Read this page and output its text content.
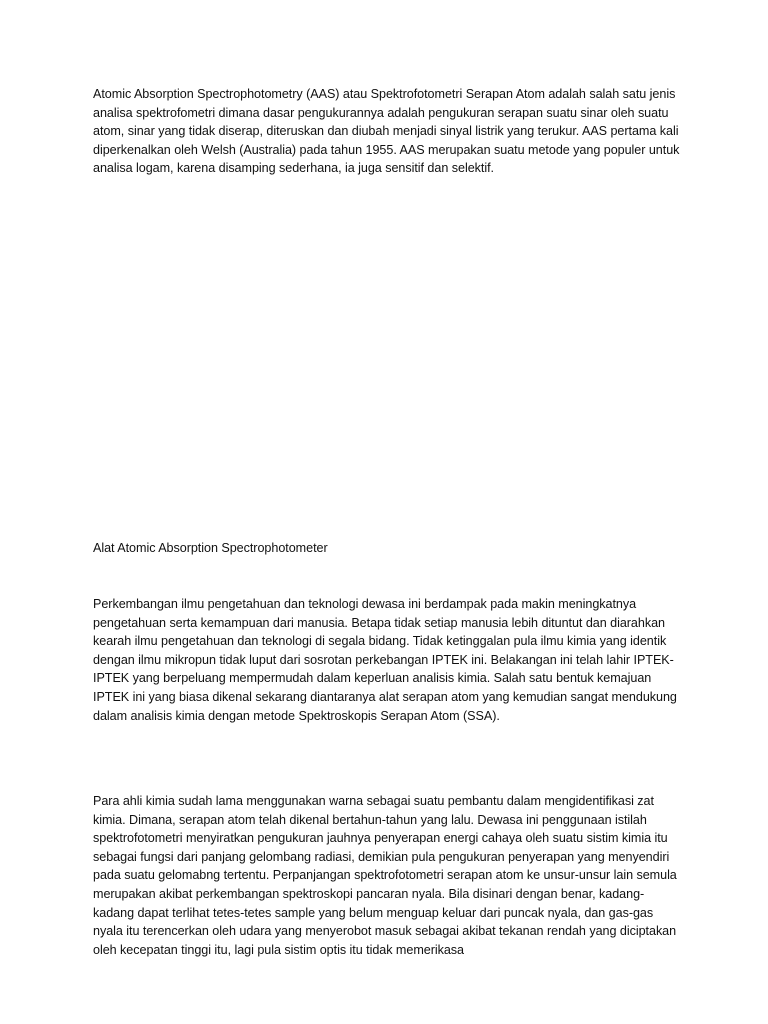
Atomic Absorption Spectrophotometry (AAS) atau Spektrofotometri Serapan Atom adalah salah satu jenis analisa spektrofometri dimana dasar pengukurannya adalah pengukuran serapan suatu sinar oleh suatu atom, sinar yang tidak diserap, diteruskan dan diubah menjadi sinyal listrik yang terukur. AAS pertama kali diperkenalkan oleh Welsh (Australia) pada tahun 1955. AAS merupakan suatu metode yang populer untuk analisa logam, karena disamping sederhana, ia juga sensitif dan selektif.

Alat Atomic Absorption Spectrophotometer

Perkembangan ilmu pengetahuan dan teknologi dewasa ini berdampak pada makin meningkatnya pengetahuan serta kemampuan dari manusia. Betapa tidak setiap manusia lebih dituntut dan diarahkan kearah ilmu pengetahuan dan teknologi di segala bidang. Tidak ketinggalan pula ilmu kimia yang identik dengan ilmu mikropun tidak luput dari sosrotan perkebangan IPTEK ini. Belakangan ini telah lahir IPTEK-IPTEK yang berpeluang mempermudah dalam keperluan analisis kimia. Salah satu bentuk kemajuan IPTEK ini yang biasa dikenal sekarang diantaranya alat serapan atom yang kemudian sangat mendukung dalam analisis kimia dengan metode Spektroskopis Serapan Atom (SSA).

Para ahli kimia sudah lama menggunakan warna sebagai suatu pembantu dalam mengidentifikasi zat kimia. Dimana, serapan atom telah dikenal bertahun-tahun yang lalu. Dewasa ini penggunaan istilah spektrofotometri menyiratkan pengukuran jauhnya penyerapan energi cahaya oleh suatu sistim kimia itu sebagai fungsi dari panjang gelombang radiasi, demikian pula pengukuran penyerapan yang menyendiri pada suatu gelomabng tertentu. Perpanjangan spektrofotometri serapan atom ke unsur-unsur lain semula merupakan akibat perkembangan spektroskopi pancaran nyala. Bila disinari dengan benar, kadang-kadang dapat terlihat tetes-tetes sample yang belum menguap keluar dari puncak nyala, dan gas-gas nyala itu terencerkan oleh udara yang menyerobot masuk sebagai akibat tekanan rendah yang diciptakan oleh kecepatan tinggi itu, lagi pula sistim optis itu tidak memerikasa
